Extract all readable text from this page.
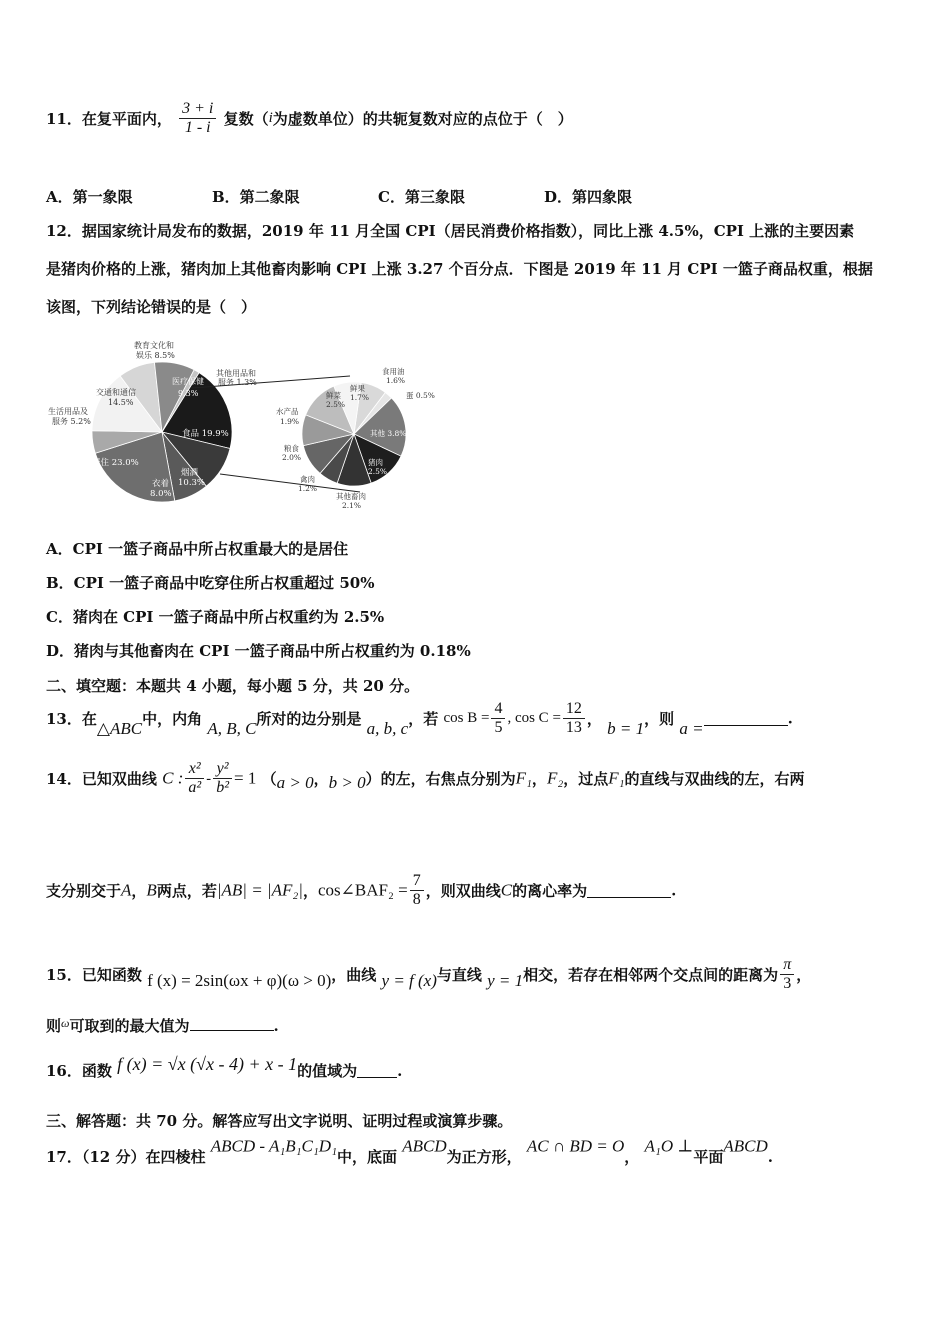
11．在复平面内， $\frac{3 + i}{1 - i}$ 复数（i为虚数单位）的共轭复数对应的点位于（　）
A．第一象限	B．第二象限	C．第三象限	D．第四象限
12．据国家统计局发布的数据，2019 年 11 月全国 CPI（居民消费价格指数），同比上涨 4.5%，CPI 上涨的主要因素
是猪肉价格的上涨，猪肉加上其他畜肉影响 CPI 上涨 3.27 个百分点．下图是 2019 年 11 月 CPI 一篮子商品权重，根据
该图，下列结论错误的是（　）
食品 19.9%
烟酒
10.3%
衣着
8.0%
居住 23.0%
生活用品及
服务 5.2%
交通和通信
14.5%
教育文化和
娱乐 8.5%
医疗保健
9.3%
其他用品和
服务 1.3%
食用油
1.6%
蛋 0.5%
其他 3.8%
猪肉
2.5%
其他畜肉
2.1%
禽肉
1.2%
粮食
2.0%
水产品
1.9%
鲜菜
2.5%
鲜果
1.7%
A．CPI 一篮子商品中所占权重最大的是居住
B．CPI 一篮子商品中吃穿住所占权重超过 50%
C．猪肉在 CPI 一篮子商品中所占权重约为 2.5%
D．猪肉与其他畜肉在 CPI 一篮子商品中所占权重约为 0.18%
二、填空题：本题共 4 小题，每小题 5 分，共 20 分。
13．在△ABC中，内角 A, B, C所对的边分别是 a, b, c，若 $\cos B = \frac{4}{5}$ , $\cos C = \frac{12}{13}$ ， b = 1，则 a =	.
14．已知双曲线 C : $\frac{\text{x²}}{\text{a²}} - \frac{\text{y²}}{\text{b²}} = 1$ （a > 0，b > 0）的左，右焦点分别为F₁，F₂，过点F₁的直线与双曲线的左，右两
支分别交于A，B两点，若|AB| = |AF₂|，cos∠BAF₂ = $\frac{7}{8}$ ，则双曲线C的离心率为	.
15．已知函数 f (x) = 2sin(ωx + φ)(ω > 0)，曲线 y = f (x)与直线 y = 1相交，若存在相邻两个交点间的距离为 $\frac{\pi}{3}$ ，
则$^\omega$可取到的最大值为	.
16．函数 f (x) = √x (√x - 4) + x - 1的值域为	.
三、解答题：共 70 分。解答应写出文字说明、证明过程或演算步骤。
17．（12 分）在四棱柱 ABCD - A₁B₁C₁D₁中，底面 ABCD为正方形， AC ∩ BD = O， A₁O ⊥平面ABCD.
